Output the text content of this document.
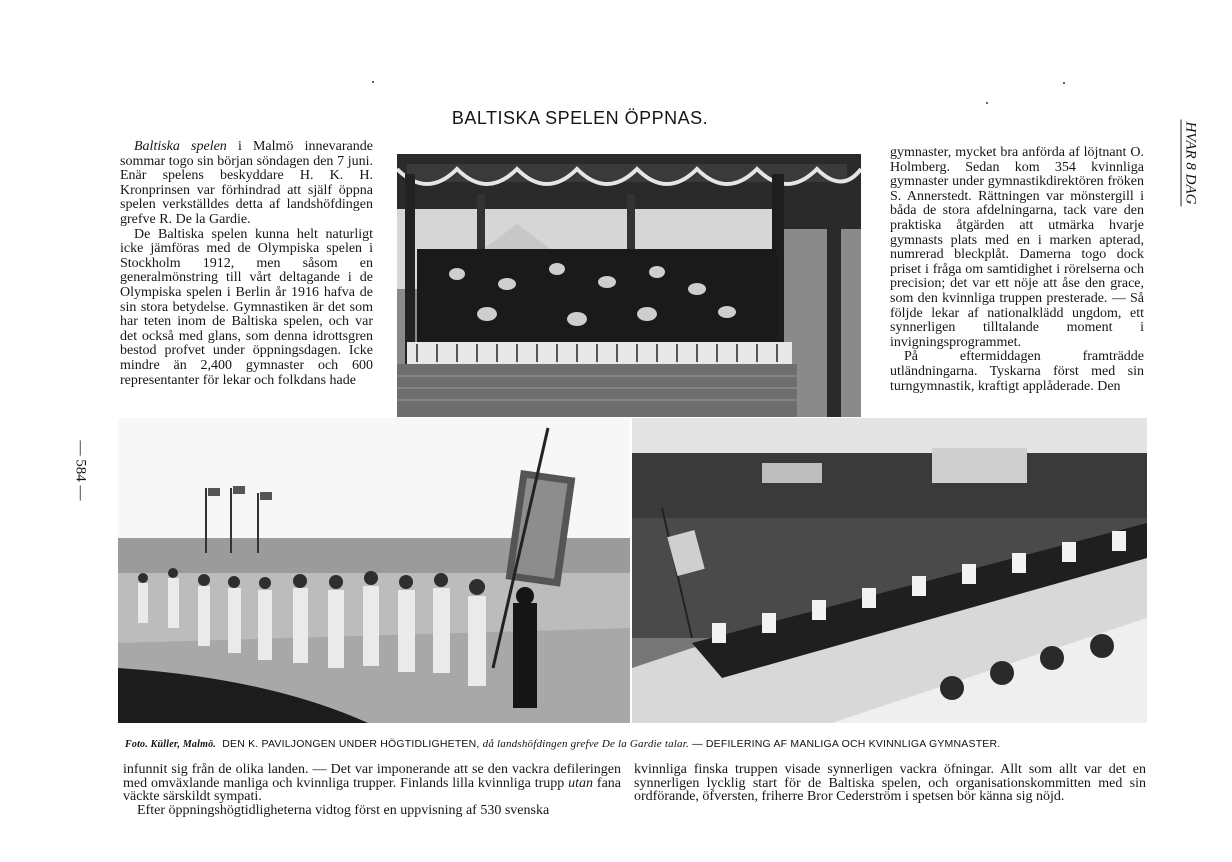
BALTISKA SPELEN ÖPPNAS.
HVAR 8 DAG
— 584 —

Baltiska spelen i Malmö innevarande sommar togo sin början söndagen den 7 juni. Enär spelens beskyddare H. K. H. Kronprinsen var förhindrad att själf öppna spelen verkställdes detta af landshöfdingen grefve R. De la Gardie.

De Baltiska spelen kunna helt naturligt icke jämföras med de Olympiska spelen i Stockholm 1912, men såsom en generalmönstring till vårt deltagande i de Olympiska spelen i Berlin år 1916 hafva de sin stora betydelse. Gymnastiken är det som har teten inom de Baltiska spelen, och var det också med glans, som denna idrottsgren bestod profvet under öppningsdagen. Icke mindre än 2,400 gymnaster och 600 representanter för lekar och folkdans hade

gymnaster, mycket bra anförda af löjtnant O. Holmberg. Sedan kom 354 kvinnliga gymnaster under gymnastikdirektören fröken S. Annerstedt. Rättningen var mönstergill i båda de stora afdelningarna, tack vare den praktiska åtgärden att utmärka hvarje gymnasts plats med en i marken apterad, numrerad bleckplåt. Damerna togo dock priset i fråga om samtidighet i rörelserna och precision; det var ett nöje att åse den grace, som den kvinnliga truppen presterade. — Så följde lekar af nationalklädd ungdom, ett synnerligen tilltalande moment i invigningsprogrammet.

På eftermiddagen framträdde utländningarna. Tyskarna först med sin turngymnastik, kraftigt applåderade. Den

Foto. Küller, Malmö. DEN K. PAVILJONGEN UNDER HÖGTIDLIGHETEN, då landshöfdingen grefve De la Gardie talar. — DEFILERING AF MANLIGA OCH KVINNLIGA GYMNASTER.

infunnit sig från de olika landen. — Det var imponerande att se den vackra defileringen med omväxlande manliga och kvinnliga trupper. Finlands lilla kvinnliga trupp utan fana väckte särskildt sympati.

Efter öppningshögtidligheterna vidtog först en uppvisning af 530 svenska

kvinnliga finska truppen visade synnerligen vackra öfningar. Allt som allt var det en synnerligen lycklig start för de Baltiska spelen, och organisationskommitten med sin ordförande, öfversten, friherre Bror Cederström i spetsen bör känna sig nöjd.
